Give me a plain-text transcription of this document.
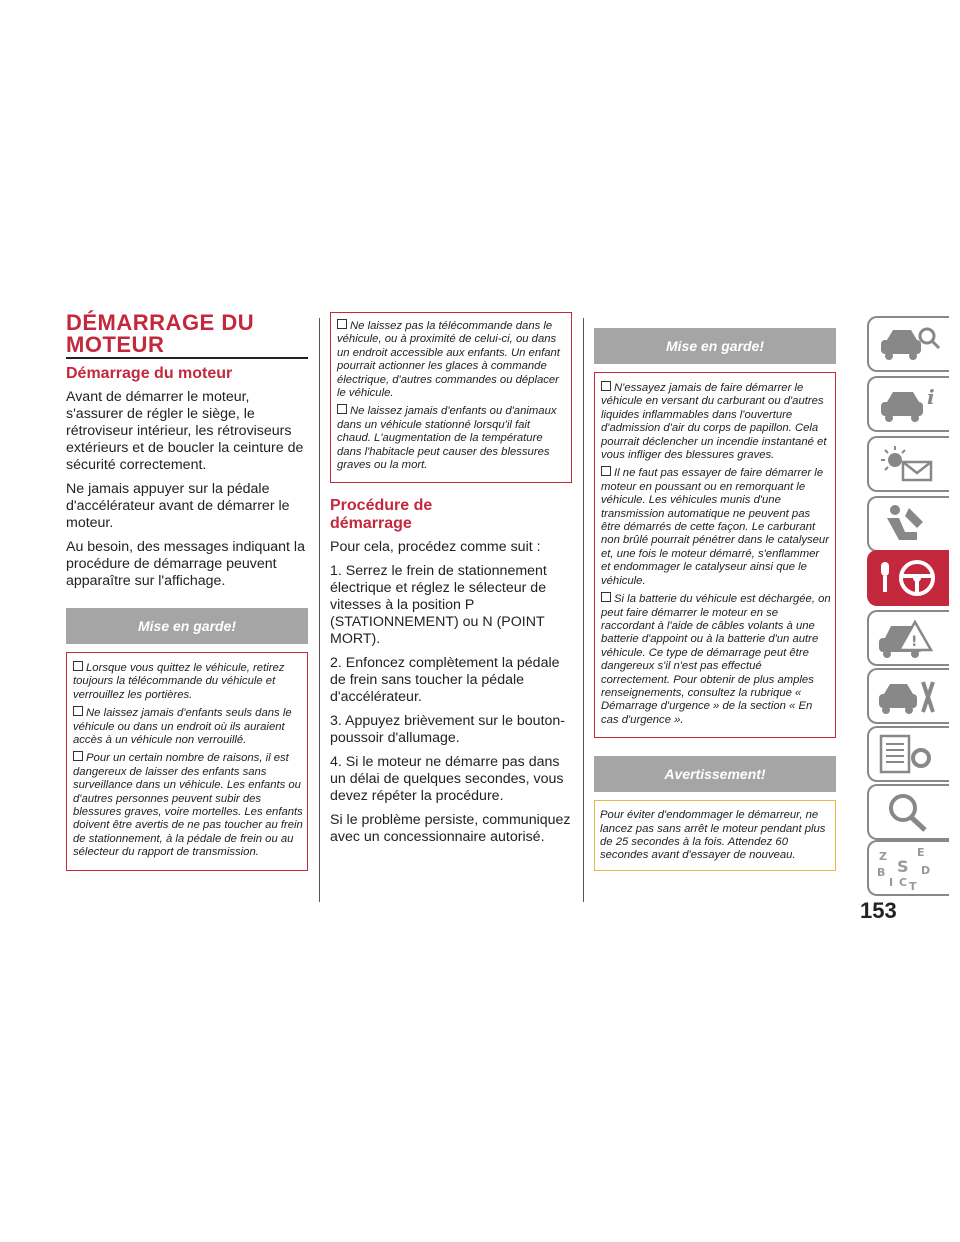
DÉMARRAGE DU
MOTEUR
Démarrage du moteur

Avant de démarrer le moteur, s'assurer de régler le siège, le rétroviseur intérieur, les rétroviseurs extérieurs et de boucler la ceinture de sécurité correctement.

Ne jamais appuyer sur la pédale d'accélérateur avant de démarrer le moteur.

Au besoin, des messages indiquant la procédure de démarrage peuvent apparaître sur l'affichage.

Mise en garde!

Lorsque vous quittez le véhicule, retirez toujours la télécommande du véhicule et verrouillez les portières.

Ne laissez jamais d'enfants seuls dans le véhicule ou dans un endroit où ils auraient accès à un véhicule non verrouillé.

Pour un certain nombre de raisons, il est dangereux de laisser des enfants sans surveillance dans un véhicule. Les enfants ou d'autres personnes peuvent subir des blessures graves, voire mortelles. Les enfants doivent être avertis de ne pas toucher au frein de stationnement, à la pédale de frein ou au sélecteur du rapport de transmission.

Ne laissez pas la télécommande dans le véhicule, ou à proximité de celui-ci, ou dans un endroit accessible aux enfants. Un enfant pourrait actionner les glaces à commande électrique, d'autres commandes ou déplacer le véhicule.

Ne laissez jamais d'enfants ou d'animaux dans un véhicule stationné lorsqu'il fait chaud. L'augmentation de la température dans l'habitacle peut causer des blessures graves ou la mort.

Procédure de
démarrage

Pour cela, procédez comme suit :

1. Serrez le frein de stationnement électrique et réglez le sélecteur de vitesses à la position P (STATIONNEMENT) ou N (POINT MORT).

2. Enfoncez complètement la pédale de frein sans toucher la pédale d'accélérateur.

3. Appuyez brièvement sur le bouton-poussoir d'allumage.

4. Si le moteur ne démarre pas dans un délai de quelques secondes, vous devez répéter la procédure.

Si le problème persiste, communiquez avec un concessionnaire autorisé.

Mise en garde!

N'essayez jamais de faire démarrer le véhicule en versant du carburant ou d'autres liquides inflammables dans l'ouverture d'admission d'air du corps de papillon. Cela pourrait déclencher un incendie instantané et vous infliger des blessures graves.

Il ne faut pas essayer de faire démarrer le moteur en poussant ou en remorquant le véhicule. Les véhicules munis d'une transmission automatique ne peuvent pas être démarrés de cette façon. Le carburant non brûlé pourrait pénétrer dans le catalyseur et, une fois le moteur démarré, s'enflammer et endommager le catalyseur ainsi que le véhicule.

Si la batterie du véhicule est déchargée, on peut faire démarrer le moteur en se raccordant à l'aide de câbles volants à une batterie d'appoint ou à la batterie d'un autre véhicule. Ce type de démarrage peut être dangereux s'il n'est pas effectué correctement. Pour obtenir de plus amples renseignements, consultez la rubrique « Démarrage d'urgence » de la section « En cas d'urgence ».

Avertissement!

Pour éviter d'endommager le démarreur, ne lancez pas sans arrêt le moteur pendant plus de 25 secondes à la fois. Attendez 60 secondes avant d'essayer de nouveau.

i
!
Z	E
S
B
I C
D
T
153
